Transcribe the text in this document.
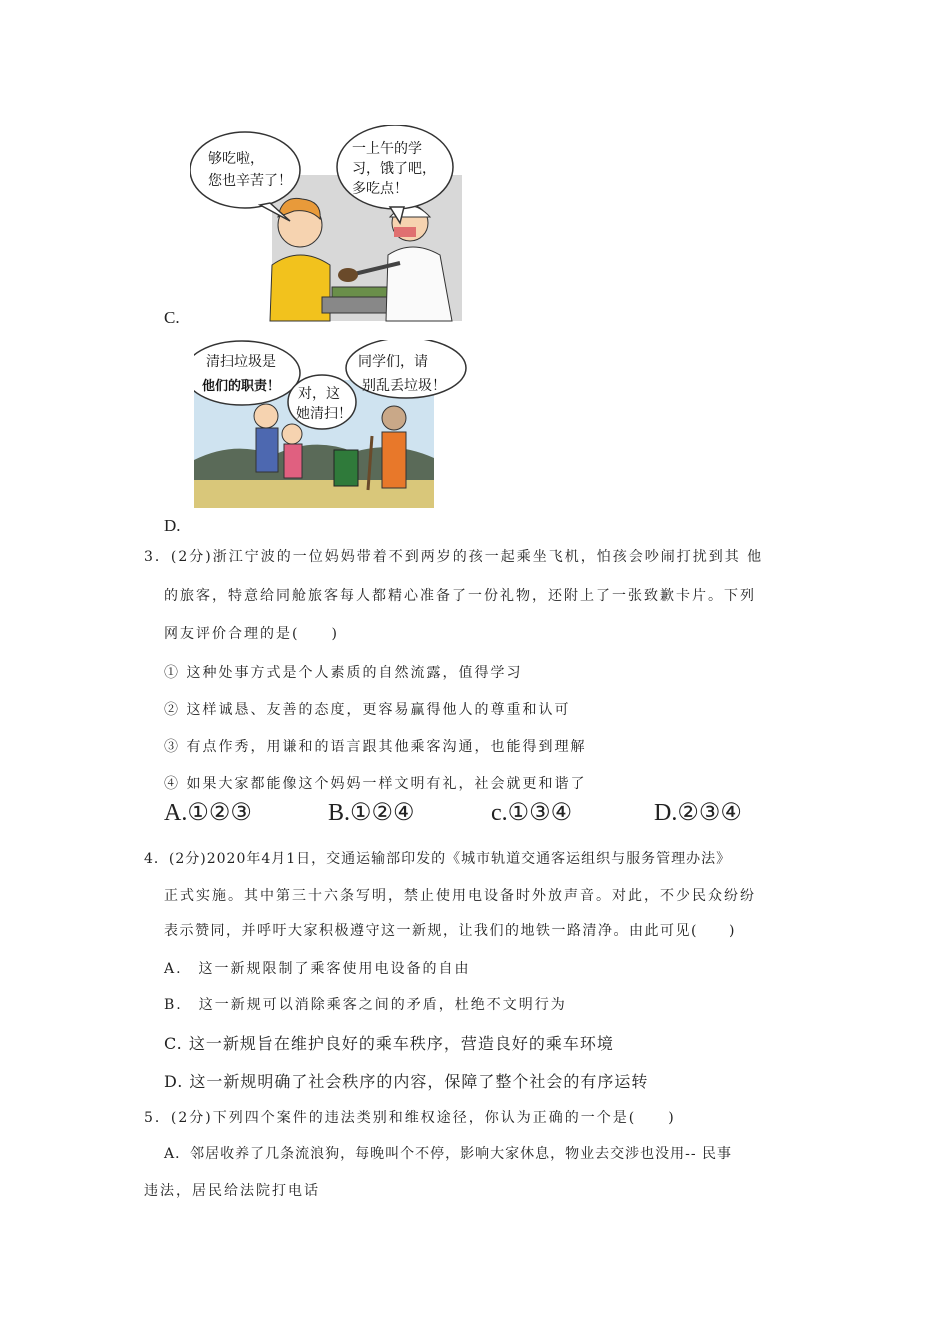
够吃啦，
您也辛苦了！
一上午的学
习，饿了吧，
多吃点！
C.
清扫垃圾是
他们的职责！ 对，这
她清扫！
同学们，请
别乱丢垃圾！
D.
3．(2分)浙江宁波的一位妈妈带着不到两岁的孩一起乘坐飞机，怕孩会吵闹打扰到其 他
的旅客，特意给同舱旅客每人都精心准备了一份礼物，还附上了一张致歉卡片。下列
网友评价合理的是(　　)
① 这种处事方式是个人素质的自然流露，值得学习
② 这样诚恳、友善的态度，更容易赢得他人的尊重和认可
③ 有点作秀，用谦和的语言跟其他乘客沟通，也能得到理解
④ 如果大家都能像这个妈妈一样文明有礼，社会就更和谐了
A.①②③	B.①②④	c.①③④	D.②③④
4．(2分)2020年4月1日，交通运输部印发的《城市轨道交通客运组织与服务管理办法》
正式实施。其中第三十六条写明，禁止使用电设备时外放声音。对此，不少民众纷纷
表示赞同，并呼吁大家积极遵守这一新规，让我们的地铁一路清净。由此可见(　　)
A.　这一新规限制了乘客使用电设备的自由
B.　这一新规可以消除乘客之间的矛盾，杜绝不文明行为
C. 这一新规旨在维护良好的乘车秩序，营造良好的乘车环境
D. 这一新规明确了社会秩序的内容，保障了整个社会的有序运转
5．(2分)下列四个案件的违法类别和维权途径，你认为正确的一个是(　　)
A．邻居收养了几条流浪狗，每晚叫个不停，影响大家休息，物业去交涉也没用-- 民事
违法，居民给法院打电话
